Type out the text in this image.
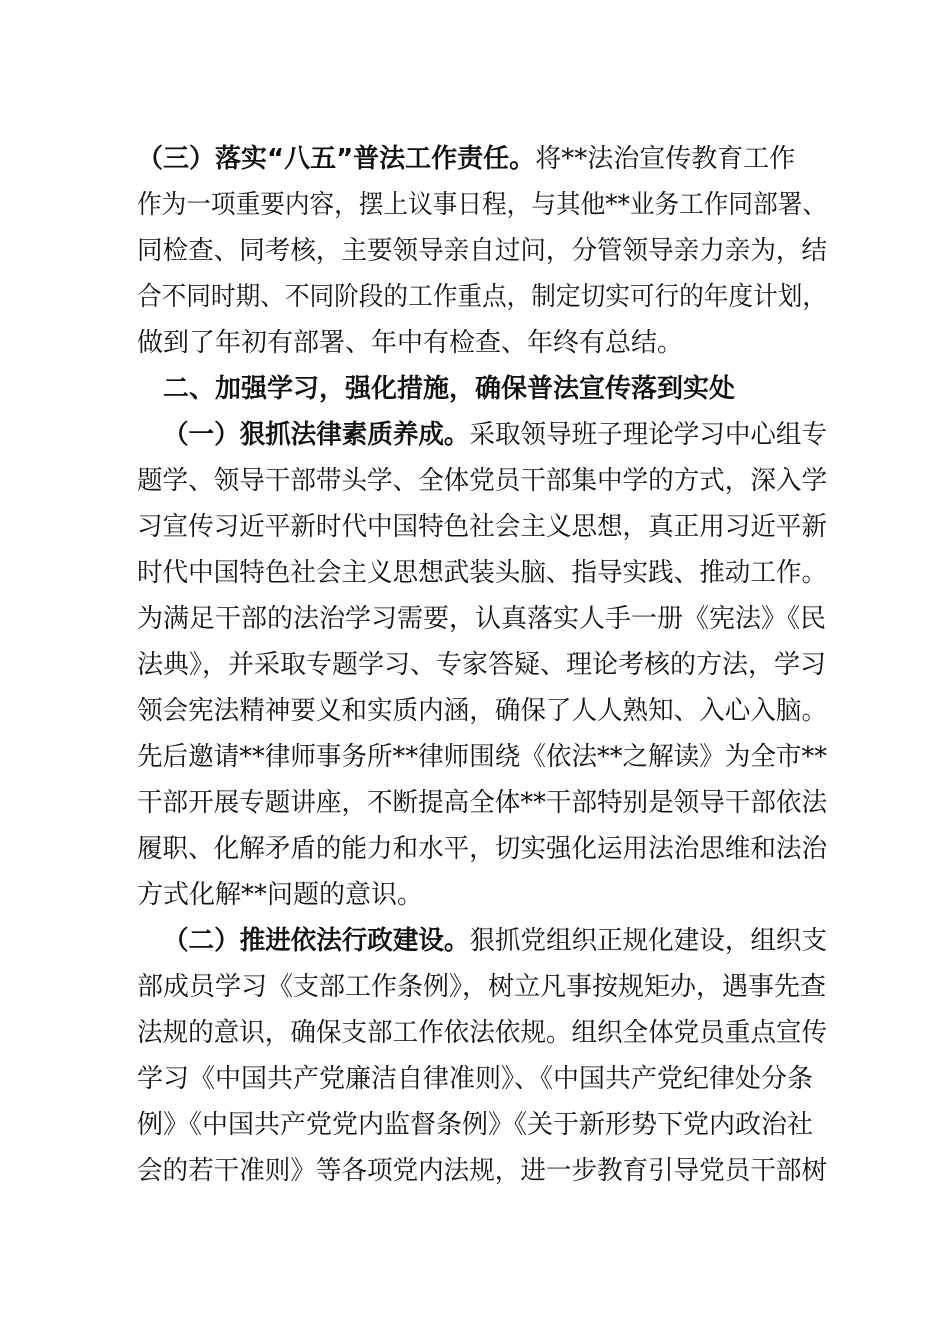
（三）落实“八五”普法工作责任。将**法治宣传教育工作
作为一项重要内容，摆上议事日程，与其他**业务工作同部署、
同检查、同考核，主要领导亲自过问，分管领导亲力亲为，结
合不同时期、不同阶段的工作重点，制定切实可行的年度计划，
做到了年初有部署、年中有检查、年终有总结。
二、加强学习，强化措施，确保普法宣传落到实处
（一）狠抓法律素质养成。采取领导班子理论学习中心组专
题学、领导干部带头学、全体党员干部集中学的方式，深入学
习宣传习近平新时代中国特色社会主义思想，真正用习近平新
时代中国特色社会主义思想武装头脑、指导实践、推动工作。
为满足干部的法治学习需要，认真落实人手一册《宪法》《民
法典》，并采取专题学习、专家答疑、理论考核的方法，学习
领会宪法精神要义和实质内涵，确保了人人熟知、入心入脑。
先后邀请**律师事务所**律师围绕《依法**之解读》为全市**
干部开展专题讲座，不断提高全体**干部特别是领导干部依法
履职、化解矛盾的能力和水平，切实强化运用法治思维和法治
方式化解**问题的意识。
（二）推进依法行政建设。狠抓党组织正规化建设，组织支
部成员学习《支部工作条例》，树立凡事按规矩办，遇事先查
法规的意识，确保支部工作依法依规。组织全体党员重点宣传
学习《中国共产党廉洁自律准则》、《中国共产党纪律处分条
例》《中国共产党党内监督条例》《关于新形势下党内政治社
会的若干准则》等各项党内法规，进一步教育引导党员干部树
